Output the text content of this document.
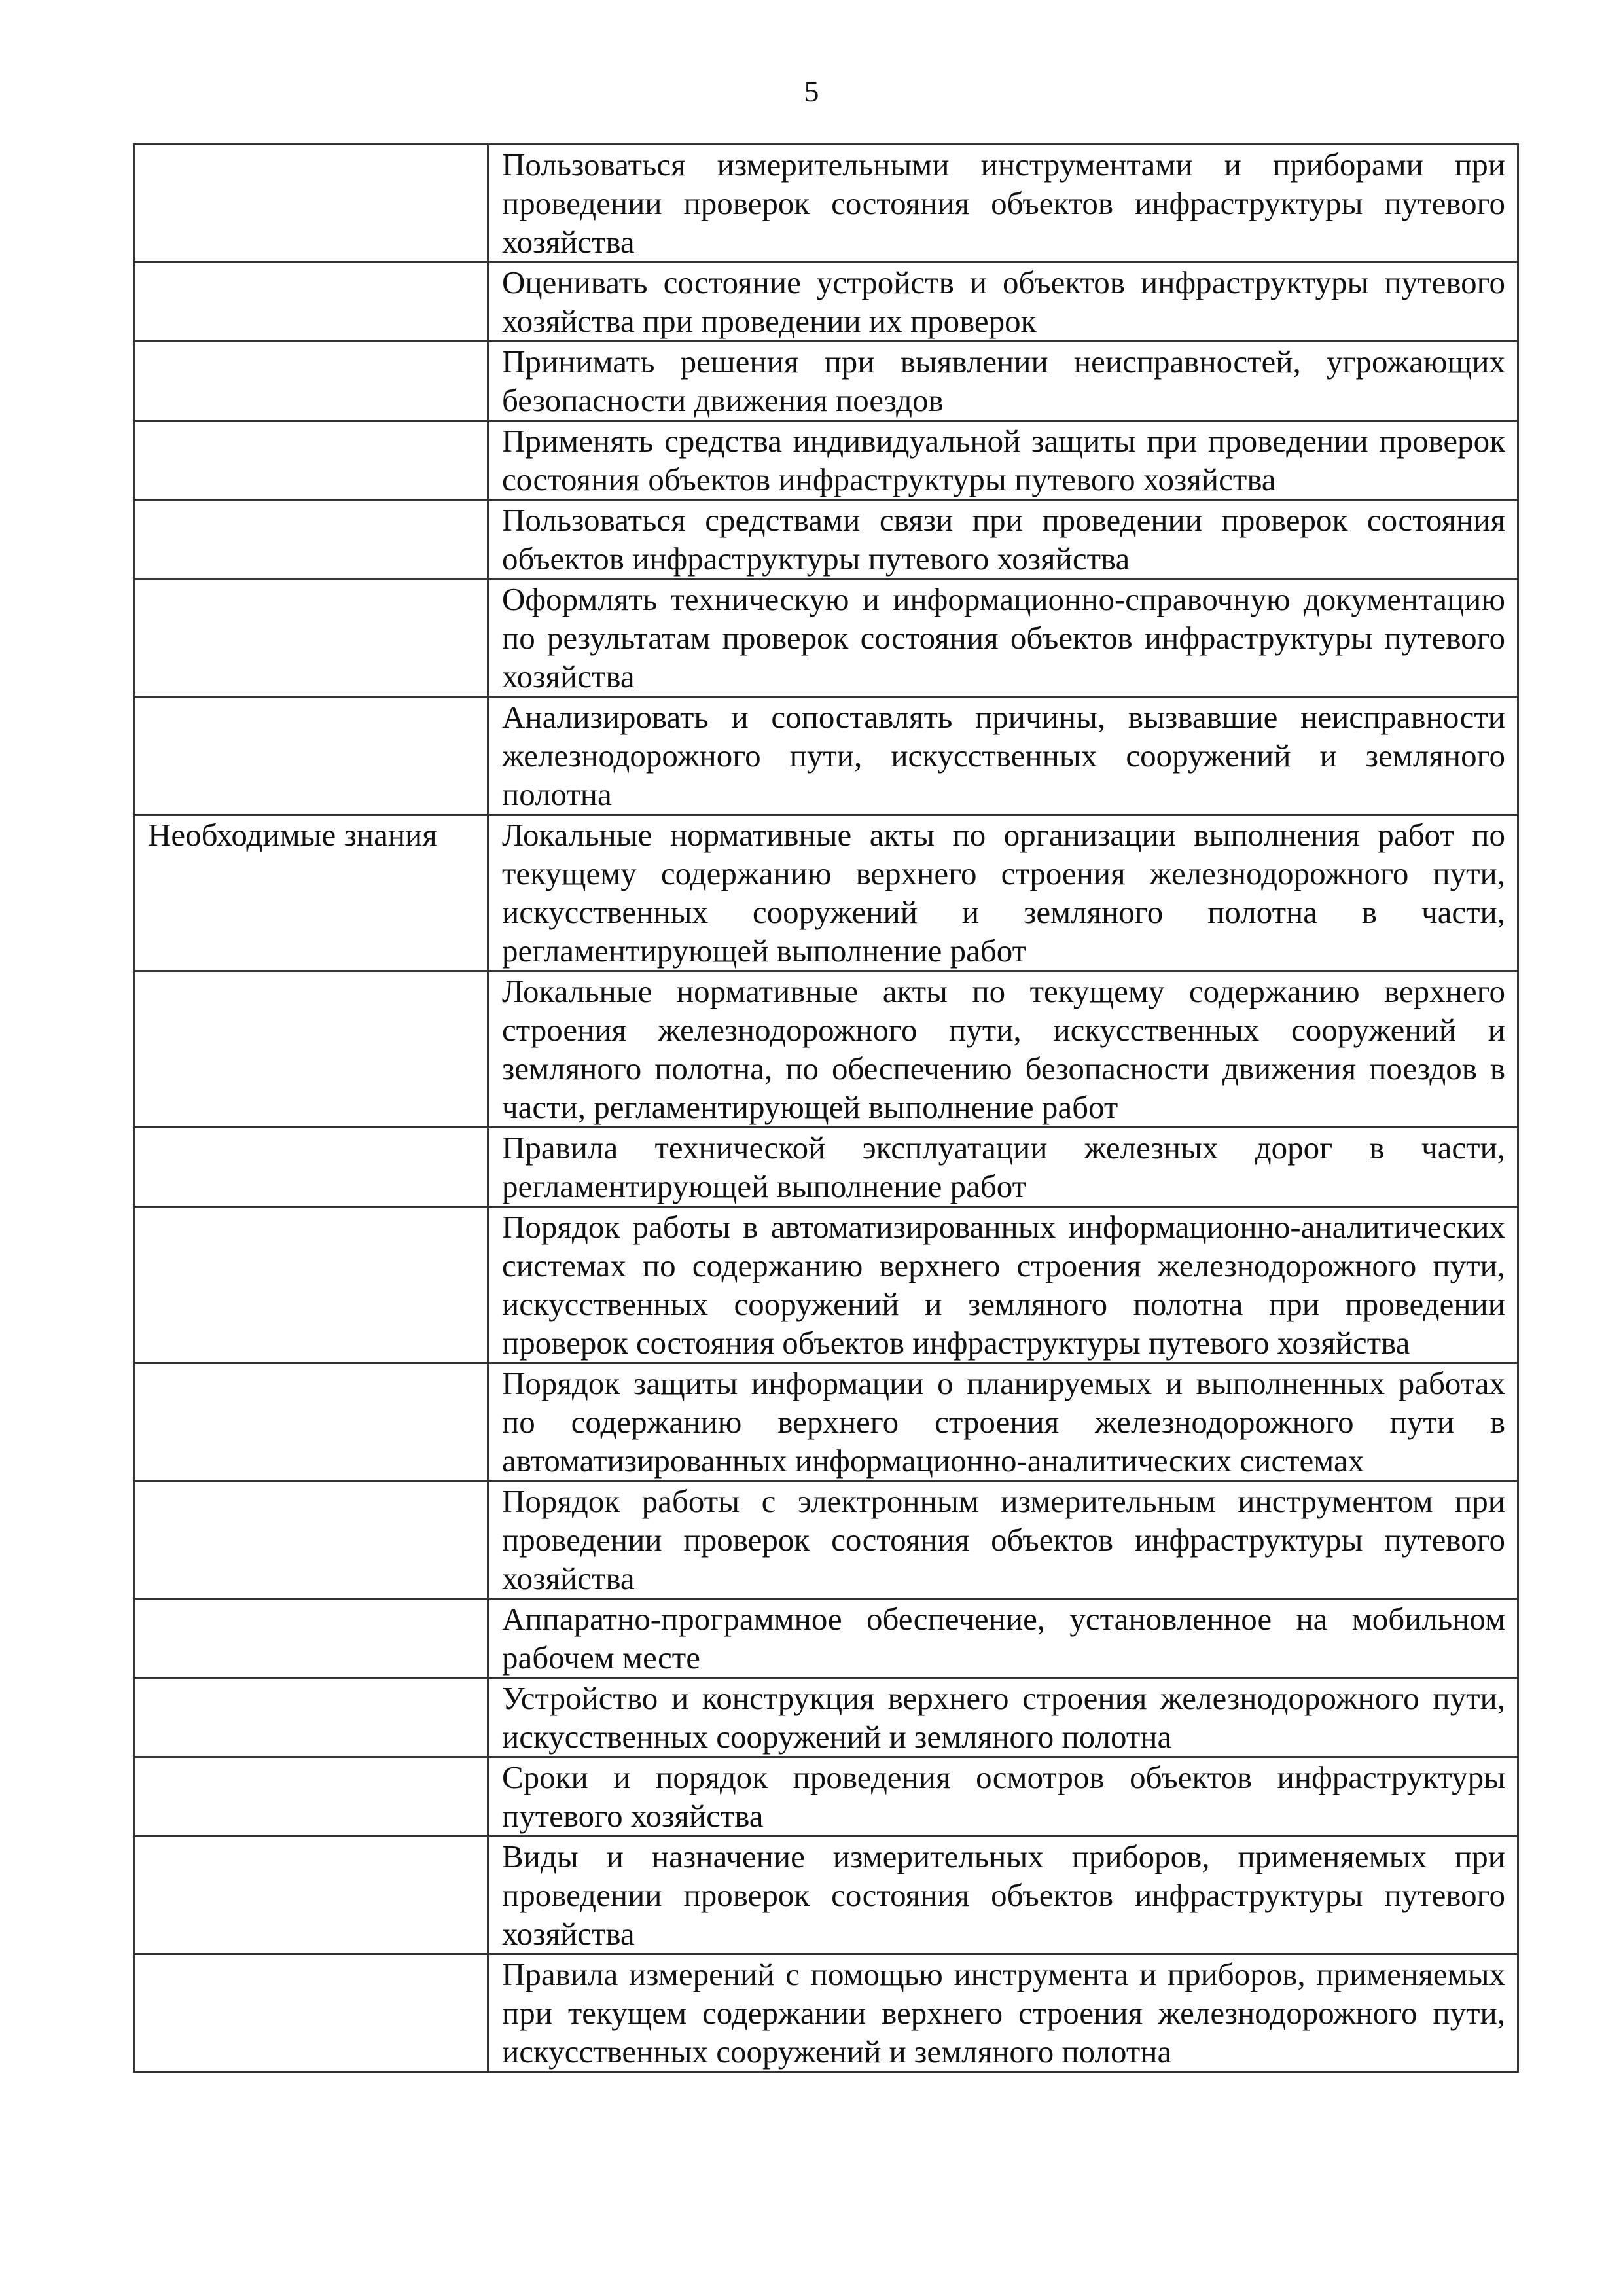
5
	Пользоваться измерительными инструментами и приборами при проведении проверок состояния объектов инфраструктуры путевого хозяйства
	Оценивать состояние устройств и объектов инфраструктуры путевого хозяйства при проведении их проверок
	Принимать решения при выявлении неисправностей, угрожающих безопасности движения поездов
	Применять средства индивидуальной защиты при проведении проверок состояния объектов инфраструктуры путевого хозяйства
	Пользоваться средствами связи при проведении проверок состояния объектов инфраструктуры путевого хозяйства
	Оформлять техническую и информационно-справочную документацию по результатам проверок состояния объектов инфраструктуры путевого хозяйства
	Анализировать и сопоставлять причины, вызвавшие неисправности железнодорожного пути, искусственных сооружений и земляного полотна
Необходимые знания	Локальные нормативные акты по организации выполнения работ по текущему содержанию верхнего строения железнодорожного пути, искусственных сооружений и земляного полотна в части, регламентирующей выполнение работ
	Локальные нормативные акты по текущему содержанию верхнего строения железнодорожного пути, искусственных сооружений и земляного полотна, по обеспечению безопасности движения поездов в части, регламентирующей выполнение работ
	Правила технической эксплуатации железных дорог в части, регламентирующей выполнение работ
	Порядок работы в автоматизированных информационно-аналитических системах по содержанию верхнего строения железнодорожного пути, искусственных сооружений и земляного полотна при проведении проверок состояния объектов инфраструктуры путевого хозяйства
	Порядок защиты информации о планируемых и выполненных работах по содержанию верхнего строения железнодорожного пути в автоматизированных информационно-аналитических системах
	Порядок работы с электронным измерительным инструментом при проведении проверок состояния объектов инфраструктуры путевого хозяйства
	Аппаратно-программное обеспечение, установленное на мобильном рабочем месте
	Устройство и конструкция верхнего строения железнодорожного пути, искусственных сооружений и земляного полотна
	Сроки и порядок проведения осмотров объектов инфраструктуры путевого хозяйства
	Виды и назначение измерительных приборов, применяемых при проведении проверок состояния объектов инфраструктуры путевого хозяйства
	Правила измерений с помощью инструмента и приборов, применяемых при текущем содержании верхнего строения железнодорожного пути, искусственных сооружений и земляного полотна
